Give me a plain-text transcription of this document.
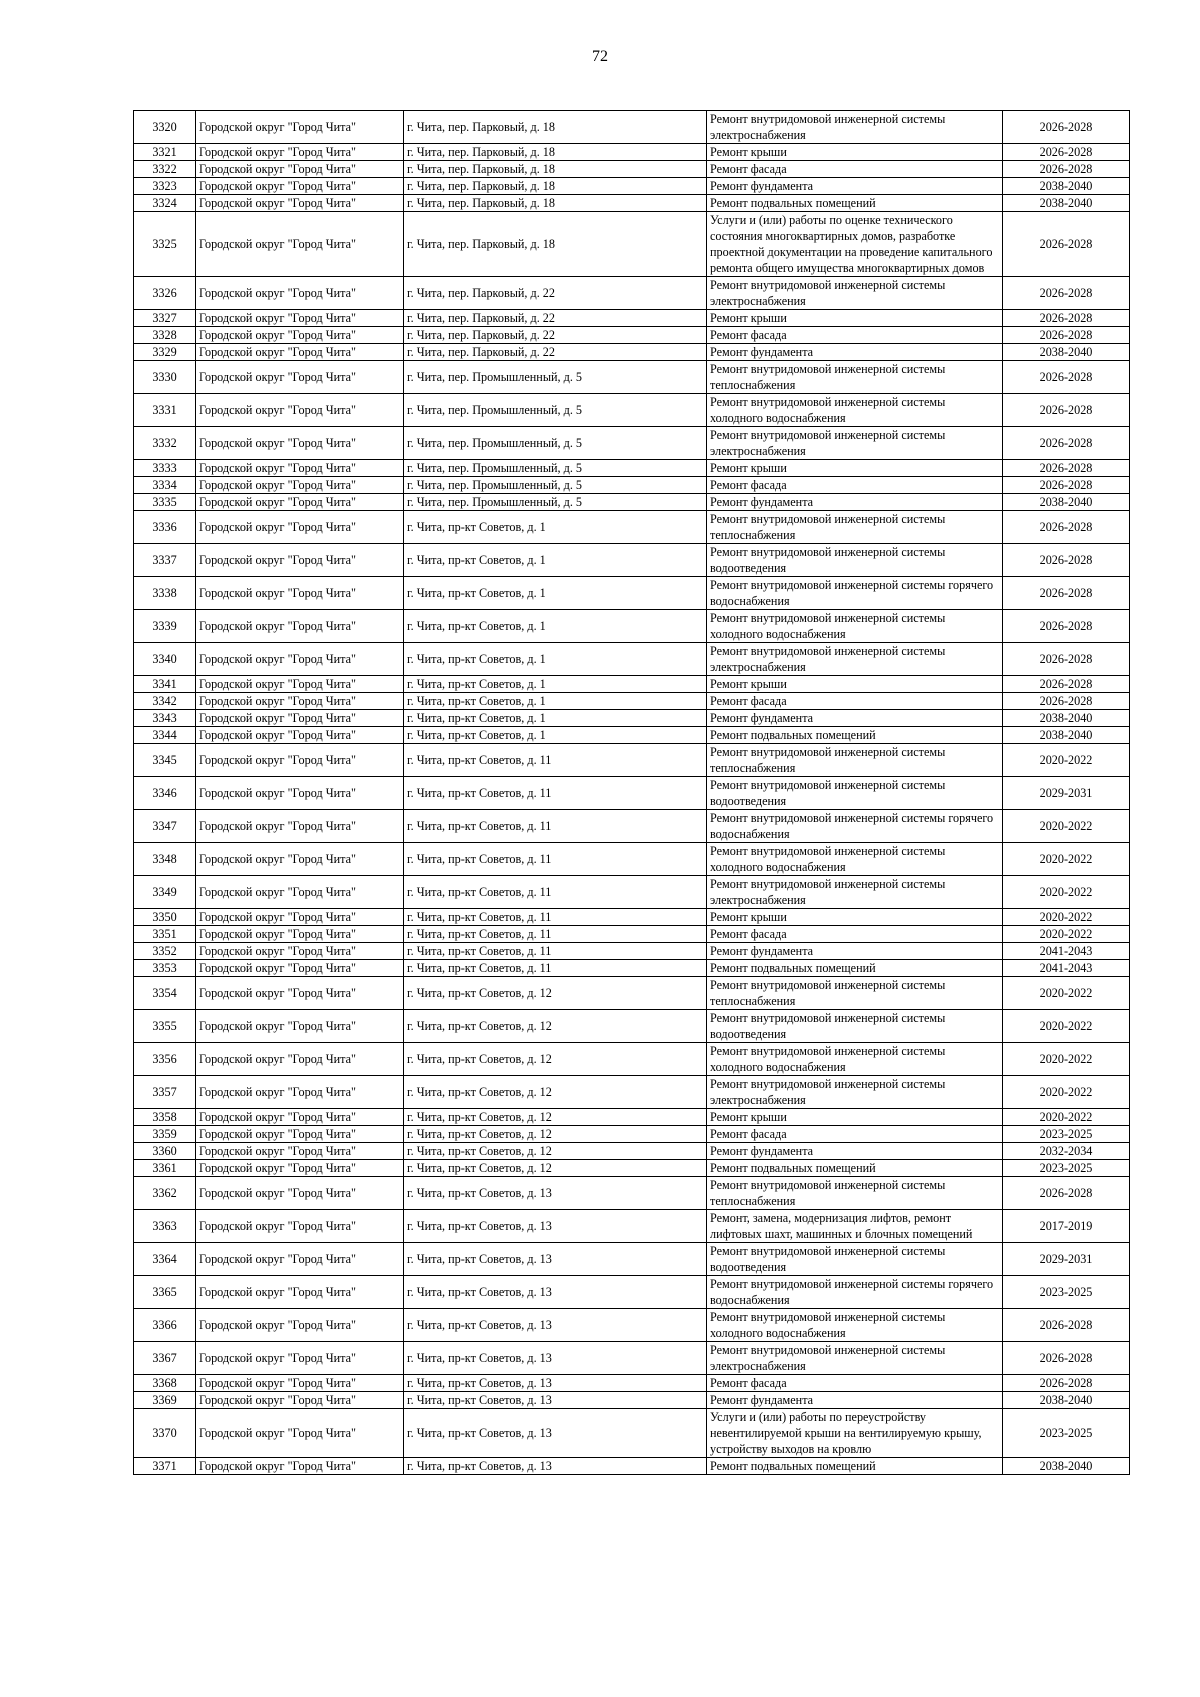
72
3320	Городской округ "Город Чита"	г. Чита, пер. Парковый, д. 18	Ремонт внутридомовой инженерной системы электроснабжения	2026-2028
3321	Городской округ "Город Чита"	г. Чита, пер. Парковый, д. 18	Ремонт крыши	2026-2028
3322	Городской округ "Город Чита"	г. Чита, пер. Парковый, д. 18	Ремонт фасада	2026-2028
3323	Городской округ "Город Чита"	г. Чита, пер. Парковый, д. 18	Ремонт фундамента	2038-2040
3324	Городской округ "Город Чита"	г. Чита, пер. Парковый, д. 18	Ремонт подвальных помещений	2038-2040
3325	Городской округ "Город Чита"	г. Чита, пер. Парковый, д. 18	Услуги и (или) работы по оценке технического состояния многоквартирных домов, разработке проектной документации на проведение капитального ремонта общего имущества многоквартирных домов	2026-2028
3326	Городской округ "Город Чита"	г. Чита, пер. Парковый, д. 22	Ремонт внутридомовой инженерной системы электроснабжения	2026-2028
3327	Городской округ "Город Чита"	г. Чита, пер. Парковый, д. 22	Ремонт крыши	2026-2028
3328	Городской округ "Город Чита"	г. Чита, пер. Парковый, д. 22	Ремонт фасада	2026-2028
3329	Городской округ "Город Чита"	г. Чита, пер. Парковый, д. 22	Ремонт фундамента	2038-2040
3330	Городской округ "Город Чита"	г. Чита, пер. Промышленный, д. 5	Ремонт внутридомовой инженерной системы теплоснабжения	2026-2028
3331	Городской округ "Город Чита"	г. Чита, пер. Промышленный, д. 5	Ремонт внутридомовой инженерной системы холодного водоснабжения	2026-2028
3332	Городской округ "Город Чита"	г. Чита, пер. Промышленный, д. 5	Ремонт внутридомовой инженерной системы электроснабжения	2026-2028
3333	Городской округ "Город Чита"	г. Чита, пер. Промышленный, д. 5	Ремонт крыши	2026-2028
3334	Городской округ "Город Чита"	г. Чита, пер. Промышленный, д. 5	Ремонт фасада	2026-2028
3335	Городской округ "Город Чита"	г. Чита, пер. Промышленный, д. 5	Ремонт фундамента	2038-2040
3336	Городской округ "Город Чита"	г. Чита, пр-кт Советов, д. 1	Ремонт внутридомовой инженерной системы теплоснабжения	2026-2028
3337	Городской округ "Город Чита"	г. Чита, пр-кт Советов, д. 1	Ремонт внутридомовой инженерной системы водоотведения	2026-2028
3338	Городской округ "Город Чита"	г. Чита, пр-кт Советов, д. 1	Ремонт внутридомовой инженерной системы горячего водоснабжения	2026-2028
3339	Городской округ "Город Чита"	г. Чита, пр-кт Советов, д. 1	Ремонт внутридомовой инженерной системы холодного водоснабжения	2026-2028
3340	Городской округ "Город Чита"	г. Чита, пр-кт Советов, д. 1	Ремонт внутридомовой инженерной системы электроснабжения	2026-2028
3341	Городской округ "Город Чита"	г. Чита, пр-кт Советов, д. 1	Ремонт крыши	2026-2028
3342	Городской округ "Город Чита"	г. Чита, пр-кт Советов, д. 1	Ремонт фасада	2026-2028
3343	Городской округ "Город Чита"	г. Чита, пр-кт Советов, д. 1	Ремонт фундамента	2038-2040
3344	Городской округ "Город Чита"	г. Чита, пр-кт Советов, д. 1	Ремонт подвальных помещений	2038-2040
3345	Городской округ "Город Чита"	г. Чита, пр-кт Советов, д. 11	Ремонт внутридомовой инженерной системы теплоснабжения	2020-2022
3346	Городской округ "Город Чита"	г. Чита, пр-кт Советов, д. 11	Ремонт внутридомовой инженерной системы водоотведения	2029-2031
3347	Городской округ "Город Чита"	г. Чита, пр-кт Советов, д. 11	Ремонт внутридомовой инженерной системы горячего водоснабжения	2020-2022
3348	Городской округ "Город Чита"	г. Чита, пр-кт Советов, д. 11	Ремонт внутридомовой инженерной системы холодного водоснабжения	2020-2022
3349	Городской округ "Город Чита"	г. Чита, пр-кт Советов, д. 11	Ремонт внутридомовой инженерной системы электроснабжения	2020-2022
3350	Городской округ "Город Чита"	г. Чита, пр-кт Советов, д. 11	Ремонт крыши	2020-2022
3351	Городской округ "Город Чита"	г. Чита, пр-кт Советов, д. 11	Ремонт фасада	2020-2022
3352	Городской округ "Город Чита"	г. Чита, пр-кт Советов, д. 11	Ремонт фундамента	2041-2043
3353	Городской округ "Город Чита"	г. Чита, пр-кт Советов, д. 11	Ремонт подвальных помещений	2041-2043
3354	Городской округ "Город Чита"	г. Чита, пр-кт Советов, д. 12	Ремонт внутридомовой инженерной системы теплоснабжения	2020-2022
3355	Городской округ "Город Чита"	г. Чита, пр-кт Советов, д. 12	Ремонт внутридомовой инженерной системы водоотведения	2020-2022
3356	Городской округ "Город Чита"	г. Чита, пр-кт Советов, д. 12	Ремонт внутридомовой инженерной системы холодного водоснабжения	2020-2022
3357	Городской округ "Город Чита"	г. Чита, пр-кт Советов, д. 12	Ремонт внутридомовой инженерной системы электроснабжения	2020-2022
3358	Городской округ "Город Чита"	г. Чита, пр-кт Советов, д. 12	Ремонт крыши	2020-2022
3359	Городской округ "Город Чита"	г. Чита, пр-кт Советов, д. 12	Ремонт фасада	2023-2025
3360	Городской округ "Город Чита"	г. Чита, пр-кт Советов, д. 12	Ремонт фундамента	2032-2034
3361	Городской округ "Город Чита"	г. Чита, пр-кт Советов, д. 12	Ремонт подвальных помещений	2023-2025
3362	Городской округ "Город Чита"	г. Чита, пр-кт Советов, д. 13	Ремонт внутридомовой инженерной системы теплоснабжения	2026-2028
3363	Городской округ "Город Чита"	г. Чита, пр-кт Советов, д. 13	Ремонт, замена, модернизация лифтов, ремонт лифтовых шахт, машинных и блочных помещений	2017-2019
3364	Городской округ "Город Чита"	г. Чита, пр-кт Советов, д. 13	Ремонт внутридомовой инженерной системы водоотведения	2029-2031
3365	Городской округ "Город Чита"	г. Чита, пр-кт Советов, д. 13	Ремонт внутридомовой инженерной системы горячего водоснабжения	2023-2025
3366	Городской округ "Город Чита"	г. Чита, пр-кт Советов, д. 13	Ремонт внутридомовой инженерной системы холодного водоснабжения	2026-2028
3367	Городской округ "Город Чита"	г. Чита, пр-кт Советов, д. 13	Ремонт внутридомовой инженерной системы электроснабжения	2026-2028
3368	Городской округ "Город Чита"	г. Чита, пр-кт Советов, д. 13	Ремонт фасада	2026-2028
3369	Городской округ "Город Чита"	г. Чита, пр-кт Советов, д. 13	Ремонт фундамента	2038-2040
3370	Городской округ "Город Чита"	г. Чита, пр-кт Советов, д. 13	Услуги и (или) работы по переустройству невентилируемой крыши на вентилируемую крышу, устройству выходов на кровлю	2023-2025
3371	Городской округ "Город Чита"	г. Чита, пр-кт Советов, д. 13	Ремонт подвальных помещений	2038-2040
